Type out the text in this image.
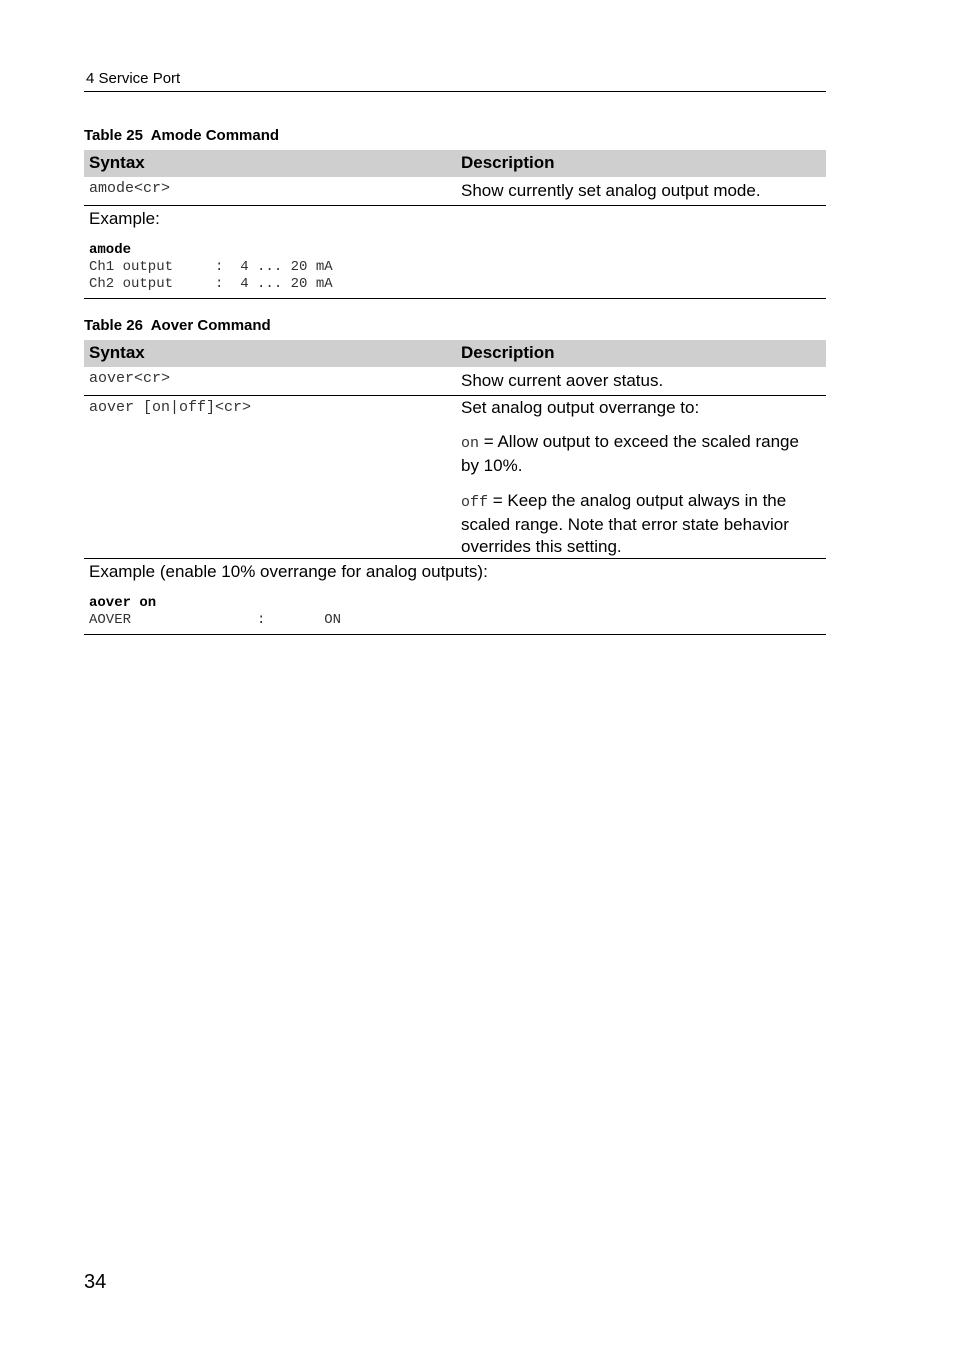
4 Service Port
Table 25  Amode Command
Syntax	Description
amode<cr>	Show currently set analog output mode.
Example:
amode
Ch1 output     :  4 ... 20 mA
Ch2 output     :  4 ... 20 mA
Table 26  Aover Command
Syntax	Description
aover<cr>	Show current aover status.
aover [on|off]<cr>	Set analog output overrange to:
on = Allow output to exceed the scaled range by 10%.
off = Keep the analog output always in the scaled range. Note that error state behavior overrides this setting.
Example (enable 10% overrange for analog outputs):
aover on
AOVER               :       ON
34
